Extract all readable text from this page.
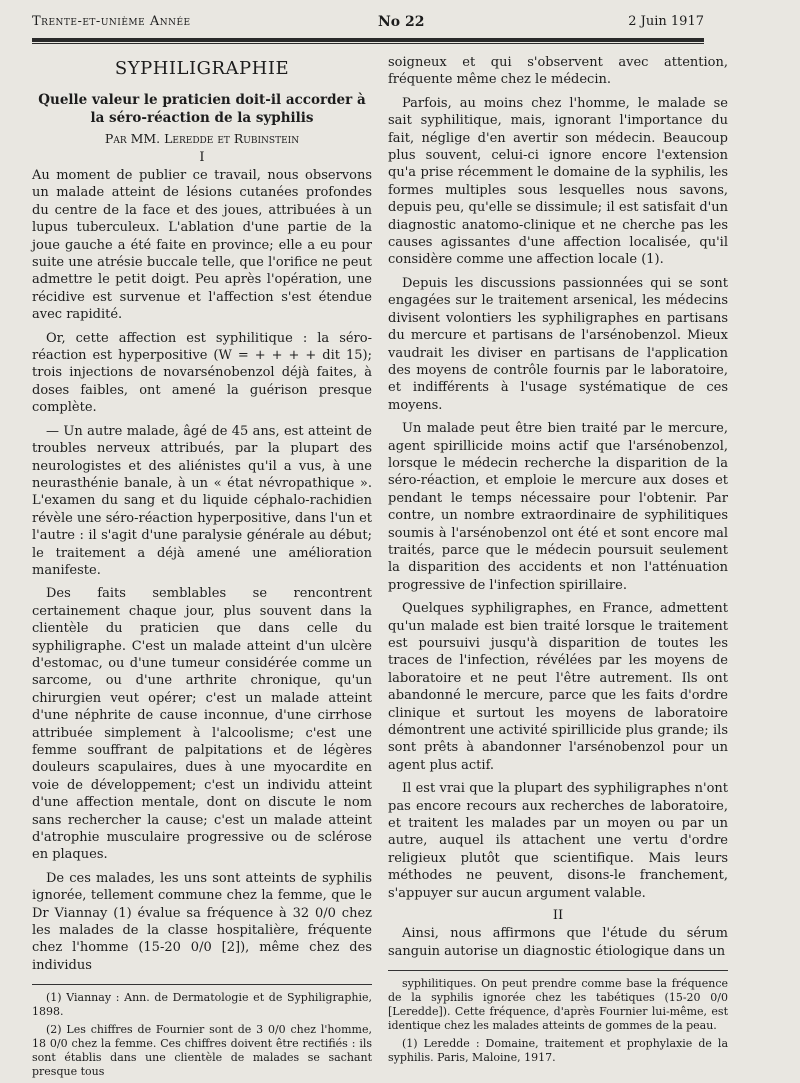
Trente-et-unième Année	No 22	2 Juin 1917
SYPHILIGRAPHIE
Quelle valeur le praticien doit-il accorder à la séro-réaction de la syphilis
Par MM. Leredde et Rubinstein
I

Au moment de publier ce travail, nous observons un malade atteint de lésions cutanées profondes du centre de la face et des joues, attribuées à un lupus tuberculeux. L'ablation d'une partie de la joue gauche a été faite en province; elle a eu pour suite une atrésie buccale telle, que l'orifice ne peut admettre le petit doigt. Peu après l'opération, une récidive est survenue et l'affection s'est étendue avec rapidité.

Or, cette affection est syphilitique : la séro-réaction est hyperpositive (W = + + + + dit 15); trois injections de novarsénobenzol déjà faites, à doses faibles, ont amené la guérison presque complète.

— Un autre malade, âgé de 45 ans, est atteint de troubles nerveux attribués, par la plupart des neurologistes et des aliénistes qu'il a vus, à une neurasthénie banale, à un « état névropathique ». L'examen du sang et du liquide céphalo-rachidien révèle une séro-réaction hyperpositive, dans l'un et l'autre : il s'agit d'une paralysie générale au début; le traitement a déjà amené une amélioration manifeste.

Des faits semblables se rencontrent certainement chaque jour, plus souvent dans la clientèle du praticien que dans celle du syphiligraphe. C'est un malade atteint d'un ulcère d'estomac, ou d'une tumeur considérée comme un sarcome, ou d'une arthrite chronique, qu'un chirurgien veut opérer; c'est un malade atteint d'une néphrite de cause inconnue, d'une cirrhose attribuée simplement à l'alcoolisme; c'est une femme souffrant de palpitations et de légères douleurs scapulaires, dues à une myocardite en voie de développement; c'est un individu atteint d'une affection mentale, dont on discute le nom sans rechercher la cause; c'est un malade atteint d'atrophie musculaire progressive ou de sclérose en plaques.

De ces malades, les uns sont atteints de syphilis ignorée, tellement commune chez la femme, que le Dr Viannay (1) évalue sa fréquence à 32 0/0 chez les malades de la classe hospitalière, fréquente chez l'homme (15-20 0/0 [2]), même chez des individus

(1) Viannay : Ann. de Dermatologie et de Syphiligraphie, 1898.

(2) Les chiffres de Fournier sont de 3 0/0 chez l'homme, 18 0/0 chez la femme. Ces chiffres doivent être rectifiés : ils sont établis dans une clientèle de malades se sachant presque tous

soigneux et qui s'observent avec attention, fréquente même chez le médecin.

Parfois, au moins chez l'homme, le malade se sait syphilitique, mais, ignorant l'importance du fait, néglige d'en avertir son médecin. Beaucoup plus souvent, celui-ci ignore encore l'extension qu'a prise récemment le domaine de la syphilis, les formes multiples sous lesquelles nous savons, depuis peu, qu'elle se dissimule; il est satisfait d'un diagnostic anatomo-clinique et ne cherche pas les causes agissantes d'une affection localisée, qu'il considère comme une affection locale (1).

Depuis les discussions passionnées qui se sont engagées sur le traitement arsenical, les médecins divisent volontiers les syphiligraphes en partisans du mercure et partisans de l'arsénobenzol. Mieux vaudrait les diviser en partisans de l'application des moyens de contrôle fournis par le laboratoire, et indifférents à l'usage systématique de ces moyens.

Un malade peut être bien traité par le mercure, agent spirillicide moins actif que l'arsénobenzol, lorsque le médecin recherche la disparition de la séro-réaction, et emploie le mercure aux doses et pendant le temps nécessaire pour l'obtenir. Par contre, un nombre extraordinaire de syphilitiques soumis à l'arsénobenzol ont été et sont encore mal traités, parce que le médecin poursuit seulement la disparition des accidents et non l'atténuation progressive de l'infection spirillaire.

Quelques syphiligraphes, en France, admettent qu'un malade est bien traité lorsque le traitement est poursuivi jusqu'à disparition de toutes les traces de l'infection, révélées par les moyens de laboratoire et ne peut l'être autrement. Ils ont abandonné le mercure, parce que les faits d'ordre clinique et surtout les moyens de laboratoire démontrent une activité spirillicide plus grande; ils sont prêts à abandonner l'arsénobenzol pour un agent plus actif.

Il est vrai que la plupart des syphiligraphes n'ont pas encore recours aux recherches de laboratoire, et traitent les malades par un moyen ou par un autre, auquel ils attachent une vertu d'ordre religieux plutôt que scientifique. Mais leurs méthodes ne peuvent, disons-le franchement, s'appuyer sur aucun argument valable.

II

Ainsi, nous affirmons que l'étude du sérum sanguin autorise un diagnostic étiologique dans un

syphilitiques. On peut prendre comme base la fréquence de la syphilis ignorée chez les tabétiques (15-20 0/0 [Leredde]). Cette fréquence, d'après Fournier lui-même, est identique chez les malades atteints de gommes de la peau.

(1) Leredde : Domaine, traitement et prophylaxie de la syphilis. Paris, Maloine, 1917.
